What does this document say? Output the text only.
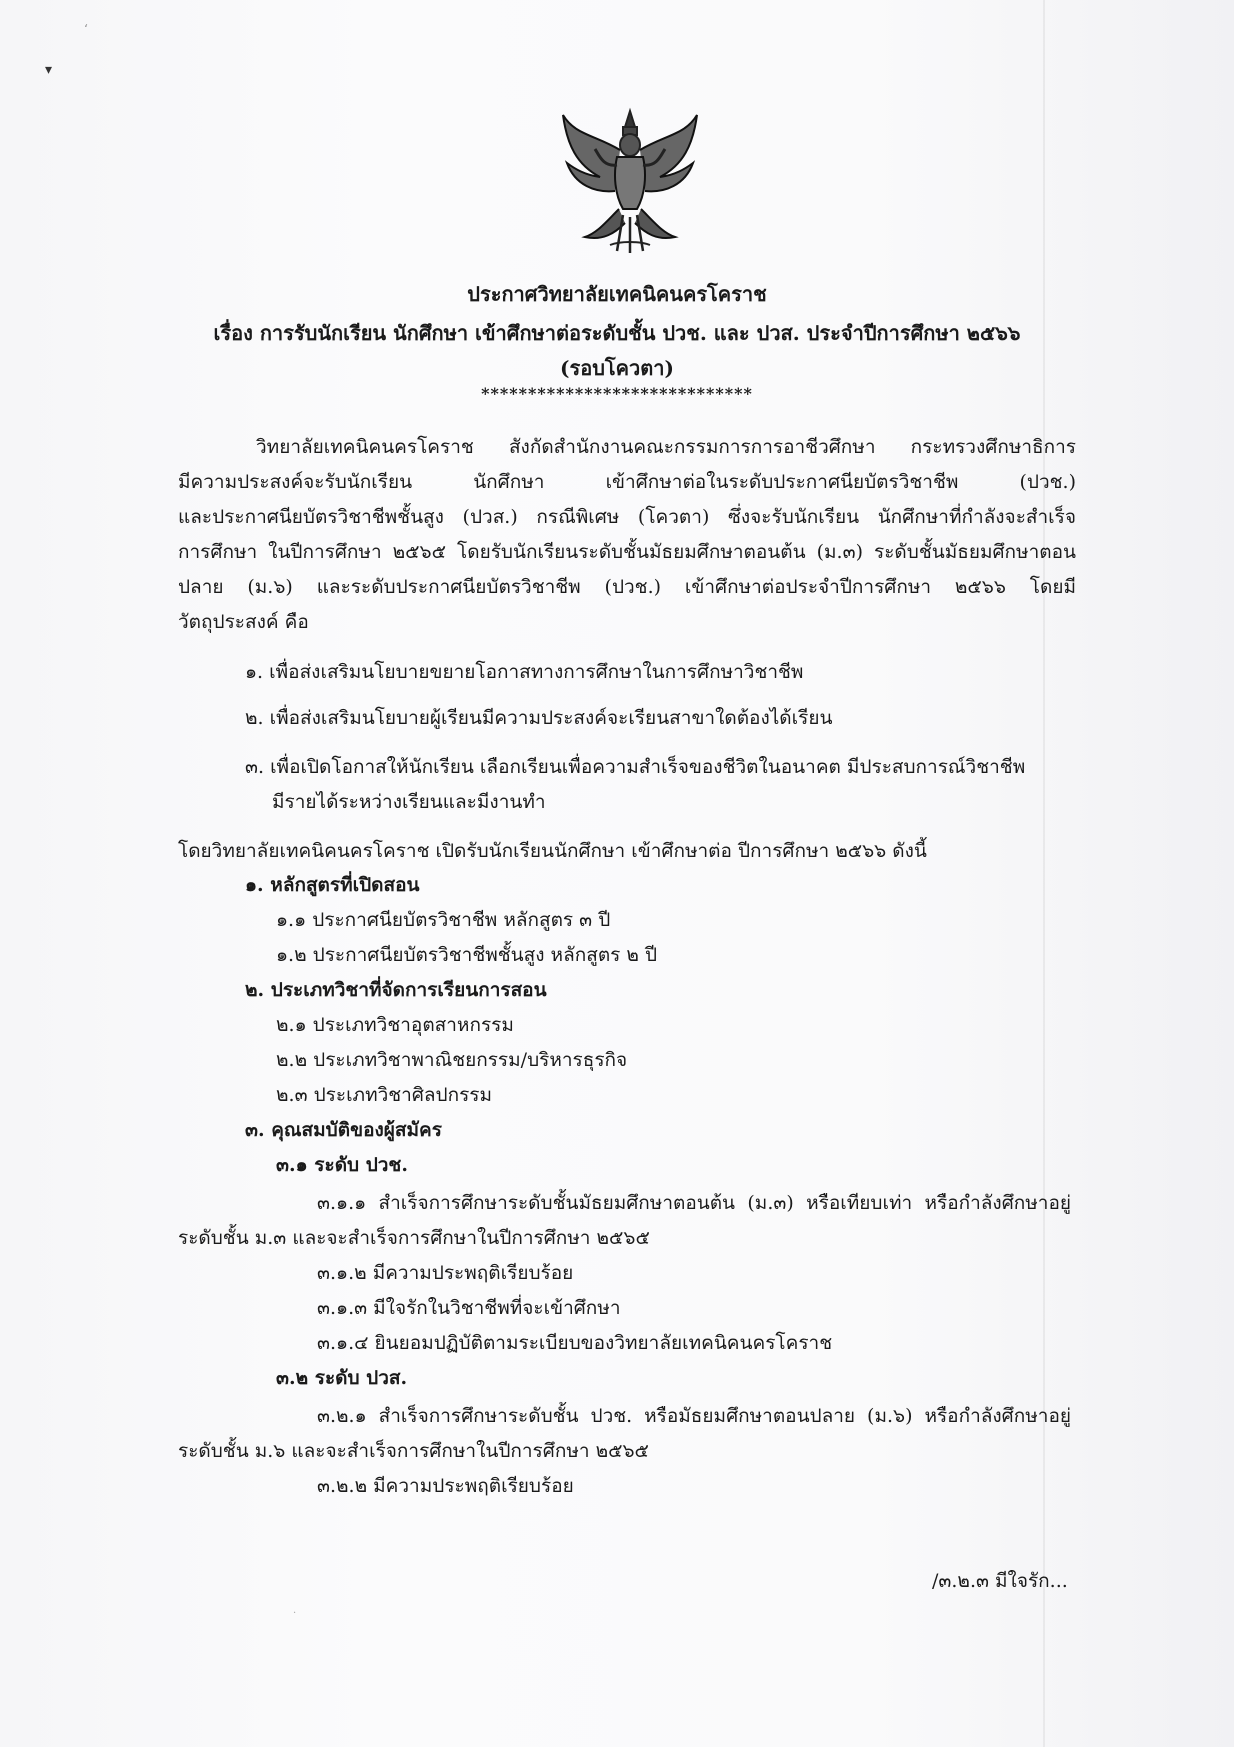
▾
ʻ
·
ประกาศวิทยาลัยเทคนิคนครโคราช
เรื่อง การรับนักเรียน นักศึกษา เข้าศึกษาต่อระดับชั้น ปวช. และ ปวส. ประจำปีการศึกษา ๒๕๖๖
(รอบโควตา)
*****************************
วิทยาลัยเทคนิคนครโคราช สังกัดสำนักงานคณะกรรมการการอาชีวศึกษา กระทรวงศึกษาธิการ
มีความประสงค์จะรับนักเรียน นักศึกษา เข้าศึกษาต่อในระดับประกาศนียบัตรวิชาชีพ (ปวช.)
และประกาศนียบัตรวิชาชีพชั้นสูง (ปวส.) กรณีพิเศษ (โควตา) ซึ่งจะรับนักเรียน นักศึกษาที่กำลังจะสำเร็จ
การศึกษา ในปีการศึกษา ๒๕๖๕ โดยรับนักเรียนระดับชั้นมัธยมศึกษาตอนต้น (ม.๓) ระดับชั้นมัธยมศึกษาตอน
ปลาย (ม.๖) และระดับประกาศนียบัตรวิชาชีพ (ปวช.) เข้าศึกษาต่อประจำปีการศึกษา ๒๕๖๖ โดยมี
วัตถุประสงค์ คือ
๑. เพื่อส่งเสริมนโยบายขยายโอกาสทางการศึกษาในการศึกษาวิชาชีพ
๒. เพื่อส่งเสริมนโยบายผู้เรียนมีความประสงค์จะเรียนสาขาใดต้องได้เรียน
๓. เพื่อเปิดโอกาสให้นักเรียน เลือกเรียนเพื่อความสำเร็จของชีวิตในอนาคต มีประสบการณ์วิชาชีพ
มีรายได้ระหว่างเรียนและมีงานทำ
โดยวิทยาลัยเทคนิคนครโคราช เปิดรับนักเรียนนักศึกษา เข้าศึกษาต่อ ปีการศึกษา ๒๕๖๖ ดังนี้
๑. หลักสูตรที่เปิดสอน
๑.๑ ประกาศนียบัตรวิชาชีพ หลักสูตร ๓ ปี
๑.๒ ประกาศนียบัตรวิชาชีพชั้นสูง หลักสูตร ๒ ปี
๒. ประเภทวิชาที่จัดการเรียนการสอน
๒.๑ ประเภทวิชาอุตสาหกรรม
๒.๒ ประเภทวิชาพาณิชยกรรม/บริหารธุรกิจ
๒.๓ ประเภทวิชาศิลปกรรม
๓. คุณสมบัติของผู้สมัคร
๓.๑ ระดับ ปวช.
๓.๑.๑ สำเร็จการศึกษาระดับชั้นมัธยมศึกษาตอนต้น (ม.๓) หรือเทียบเท่า หรือกำลังศึกษาอยู่
ระดับชั้น ม.๓ และจะสำเร็จการศึกษาในปีการศึกษา ๒๕๖๕
๓.๑.๒ มีความประพฤติเรียบร้อย
๓.๑.๓ มีใจรักในวิชาชีพที่จะเข้าศึกษา
๓.๑.๔ ยินยอมปฏิบัติตามระเบียบของวิทยาลัยเทคนิคนครโคราช
๓.๒ ระดับ ปวส.
๓.๒.๑ สำเร็จการศึกษาระดับชั้น ปวช. หรือมัธยมศึกษาตอนปลาย (ม.๖) หรือกำลังศึกษาอยู่
ระดับชั้น ม.๖ และจะสำเร็จการศึกษาในปีการศึกษา ๒๕๖๕
๓.๒.๒ มีความประพฤติเรียบร้อย
/๓.๒.๓ มีใจรัก...
